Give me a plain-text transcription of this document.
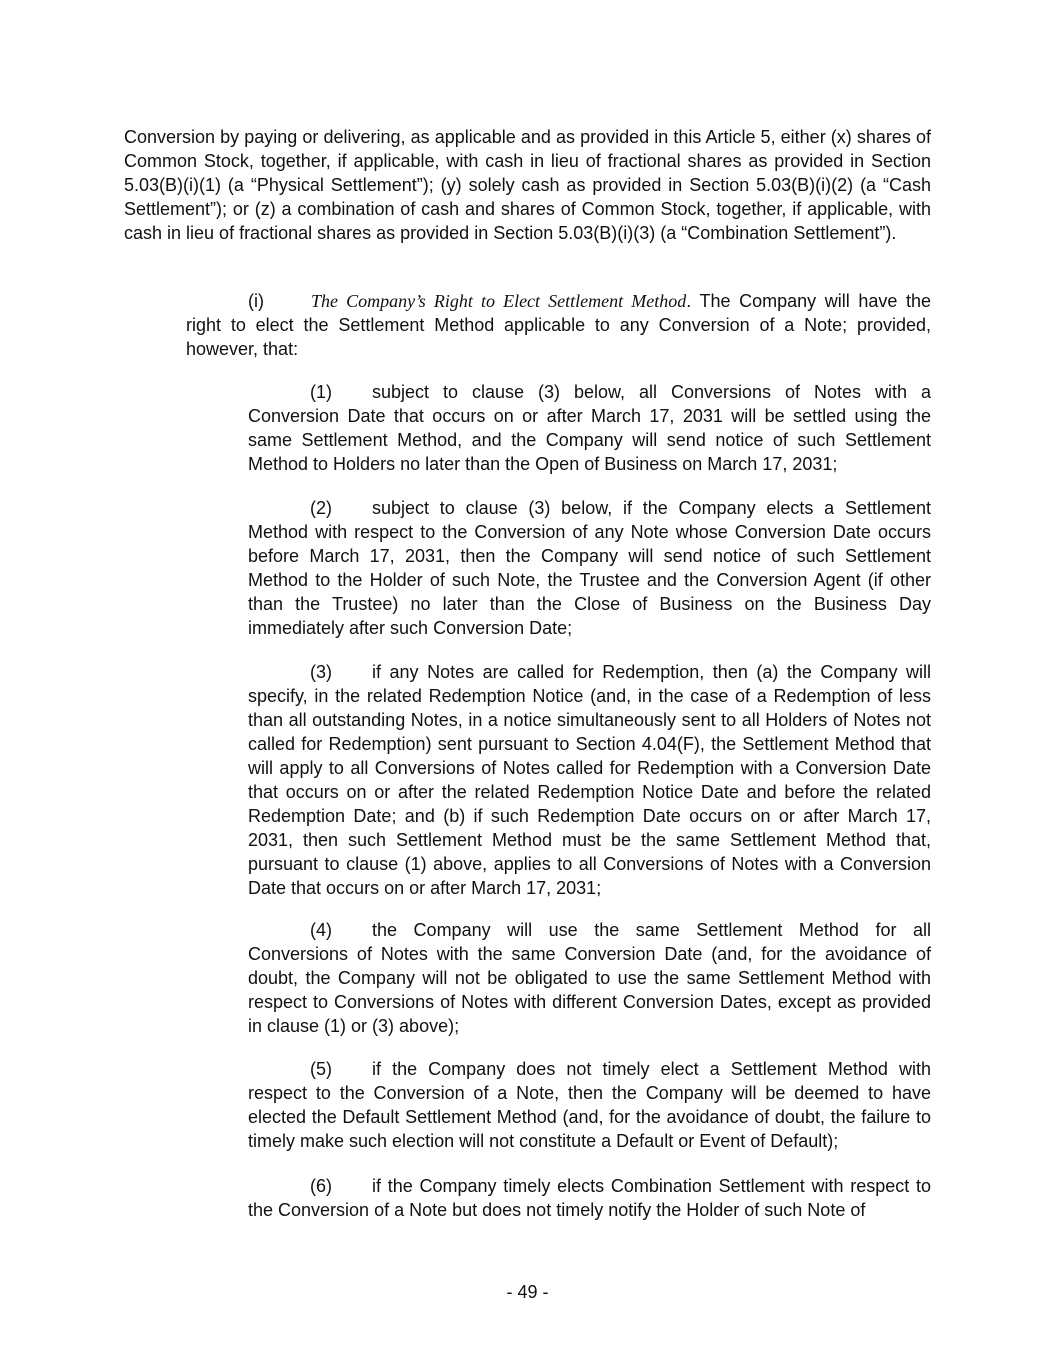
Conversion by paying or delivering, as applicable and as provided in this Article 5, either (x) shares of Common Stock, together, if applicable, with cash in lieu of fractional shares as provided in Section 5.03(B)(i)(1) (a “Physical Settlement”); (y) solely cash as provided in Section 5.03(B)(i)(2) (a “Cash Settlement”); or (z) a combination of cash and shares of Common Stock, together, if applicable, with cash in lieu of fractional shares as provided in Section 5.03(B)(i)(3) (a “Combination Settlement”).

(i)	The Company’s Right to Elect Settlement Method. The Company will have the right to elect the Settlement Method applicable to any Conversion of a Note; provided, however, that:

(1) subject to clause (3) below, all Conversions of Notes with a Conversion Date that occurs on or after March 17, 2031 will be settled using the same Settlement Method, and the Company will send notice of such Settlement Method to Holders no later than the Open of Business on March 17, 2031;

(2) subject to clause (3) below, if the Company elects a Settlement Method with respect to the Conversion of any Note whose Conversion Date occurs before March 17, 2031, then the Company will send notice of such Settlement Method to the Holder of such Note, the Trustee and the Conversion Agent (if other than the Trustee) no later than the Close of Business on the Business Day immediately after such Conversion Date;

(3) if any Notes are called for Redemption, then (a) the Company will specify, in the related Redemption Notice (and, in the case of a Redemption of less than all outstanding Notes, in a notice simultaneously sent to all Holders of Notes not called for Redemption) sent pursuant to Section 4.04(F), the Settlement Method that will apply to all Conversions of Notes called for Redemption with a Conversion Date that occurs on or after the related Redemption Notice Date and before the related Redemption Date; and (b) if such Redemption Date occurs on or after March 17, 2031, then such Settlement Method must be the same Settlement Method that, pursuant to clause (1) above, applies to all Conversions of Notes with a Conversion Date that occurs on or after March 17, 2031;

(4) the Company will use the same Settlement Method for all Conversions of Notes with the same Conversion Date (and, for the avoidance of doubt, the Company will not be obligated to use the same Settlement Method with respect to Conversions of Notes with different Conversion Dates, except as provided in clause (1) or (3) above);

(5) if the Company does not timely elect a Settlement Method with respect to the Conversion of a Note, then the Company will be deemed to have elected the Default Settlement Method (and, for the avoidance of doubt, the failure to timely make such election will not constitute a Default or Event of Default);

(6) if the Company timely elects Combination Settlement with respect to the Conversion of a Note but does not timely notify the Holder of such Note of

- 49 -
